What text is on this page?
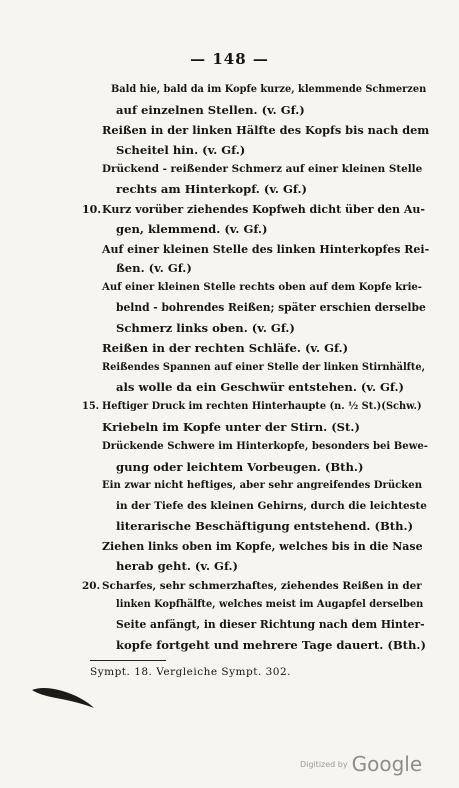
— 148 —
Bald hie, bald da im Kopfe kurze, klemmende Schmerzen
auf einzelnen Stellen. (v. Gf.)
Reißen in der linken Hälfte des Kopfs bis nach dem
Scheitel hin. (v. Gf.)
Drückend - reißender Schmerz auf einer kleinen Stelle
rechts am Hinterkopf. (v. Gf.)
10.Kurz vorüber ziehendes Kopfweh dicht über den Au-
gen, klemmend. (v. Gf.)
Auf einer kleinen Stelle des linken Hinterkopfes Rei-
ßen. (v. Gf.)
Auf einer kleinen Stelle rechts oben auf dem Kopfe krie-
belnd - bohrendes Reißen; später erschien derselbe
Schmerz links oben. (v. Gf.)
Reißen in der rechten Schläfe. (v. Gf.)
Reißendes Spannen auf einer Stelle der linken Stirnhälfte,
als wolle da ein Geschwür entstehen. (v. Gf.)
15. Heftiger Druck im rechten Hinterhaupte (n. ½ St.)(Schw.)
Kriebeln im Kopfe unter der Stirn. (St.)
Drückende Schwere im Hinterkopfe, besonders bei Bewe-
gung oder leichtem Vorbeugen. (Bth.)
Ein zwar nicht heftiges, aber sehr angreifendes Drücken
in der Tiefe des kleinen Gehirns, durch die leichteste
literarische Beschäftigung entstehend. (Bth.)
Ziehen links oben im Kopfe, welches bis in die Nase
herab geht. (v. Gf.)
20. Scharfes, sehr schmerzhaftes, ziehendes Reißen in der
linken Kopfhälfte, welches meist im Augapfel derselben
Seite anfängt, in dieser Richtung nach dem Hinter-
kopfe fortgeht und mehrere Tage dauert. (Bth.)
Sympt. 18. Vergleiche Sympt. 302.
Digitized by Google
